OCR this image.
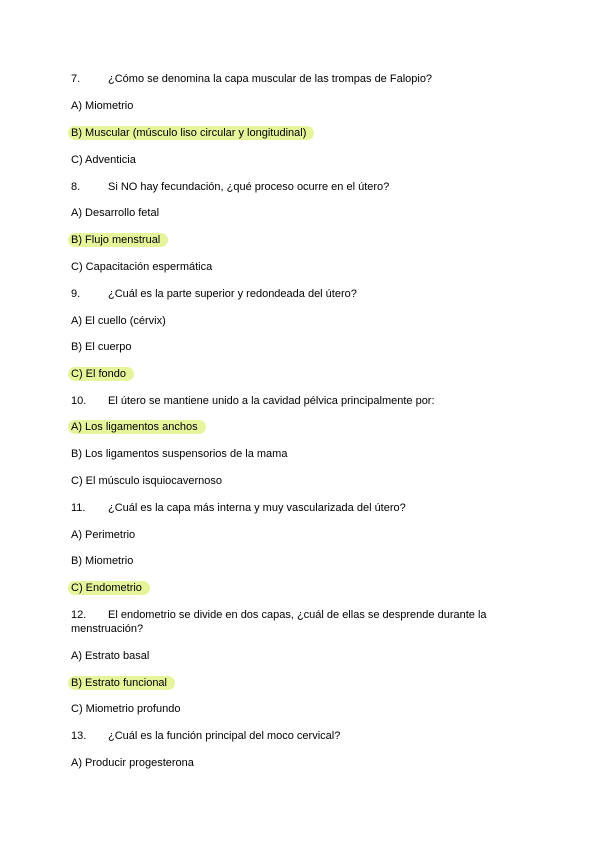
7.	¿Cómo se denomina la capa muscular de las trompas de Falopio?

A) Miometrio

B) Muscular (músculo liso circular y longitudinal)

C) Adventicia

8.	Si NO hay fecundación, ¿qué proceso ocurre en el útero?

A) Desarrollo fetal

B) Flujo menstrual

C) Capacitación espermática

9.	¿Cuál es la parte superior y redondeada del útero?

A) El cuello (cérvix)

B) El cuerpo

C) El fondo

10. El útero se mantiene unido a la cavidad pélvica principalmente por:

A) Los ligamentos anchos

B) Los ligamentos suspensorios de la mama

C) El músculo isquiocavernoso

11. ¿Cuál es la capa más interna y muy vascularizada del útero?

A) Perimetrio

B) Miometrio

C) Endometrio

12. El endometrio se divide en dos capas, ¿cuál de ellas se desprende durante la menstruación?

A) Estrato basal

B) Estrato funcional

C) Miometrio profundo

13. ¿Cuál es la función principal del moco cervical?

A) Producir progesterona
